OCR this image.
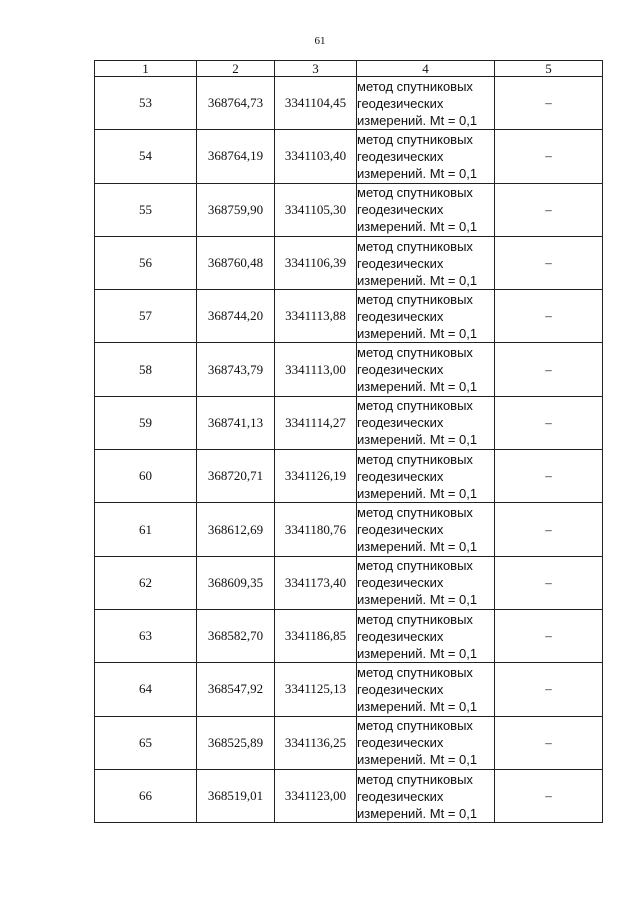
61
1	2	3	4	5
53	368764,73	3341104,45	метод спутниковых
геодезических
измерений. Mt = 0,1	–
54	368764,19	3341103,40	метод спутниковых
геодезических
измерений. Mt = 0,1	–
55	368759,90	3341105,30	метод спутниковых
геодезических
измерений. Mt = 0,1	–
56	368760,48	3341106,39	метод спутниковых
геодезических
измерений. Mt = 0,1	–
57	368744,20	3341113,88	метод спутниковых
геодезических
измерений. Mt = 0,1	–
58	368743,79	3341113,00	метод спутниковых
геодезических
измерений. Mt = 0,1	–
59	368741,13	3341114,27	метод спутниковых
геодезических
измерений. Mt = 0,1	–
60	368720,71	3341126,19	метод спутниковых
геодезических
измерений. Mt = 0,1	–
61	368612,69	3341180,76	метод спутниковых
геодезических
измерений. Mt = 0,1	–
62	368609,35	3341173,40	метод спутниковых
геодезических
измерений. Mt = 0,1	–
63	368582,70	3341186,85	метод спутниковых
геодезических
измерений. Mt = 0,1	–
64	368547,92	3341125,13	метод спутниковых
геодезических
измерений. Mt = 0,1	–
65	368525,89	3341136,25	метод спутниковых
геодезических
измерений. Mt = 0,1	–
66	368519,01	3341123,00	метод спутниковых
геодезических
измерений. Mt = 0,1	–
